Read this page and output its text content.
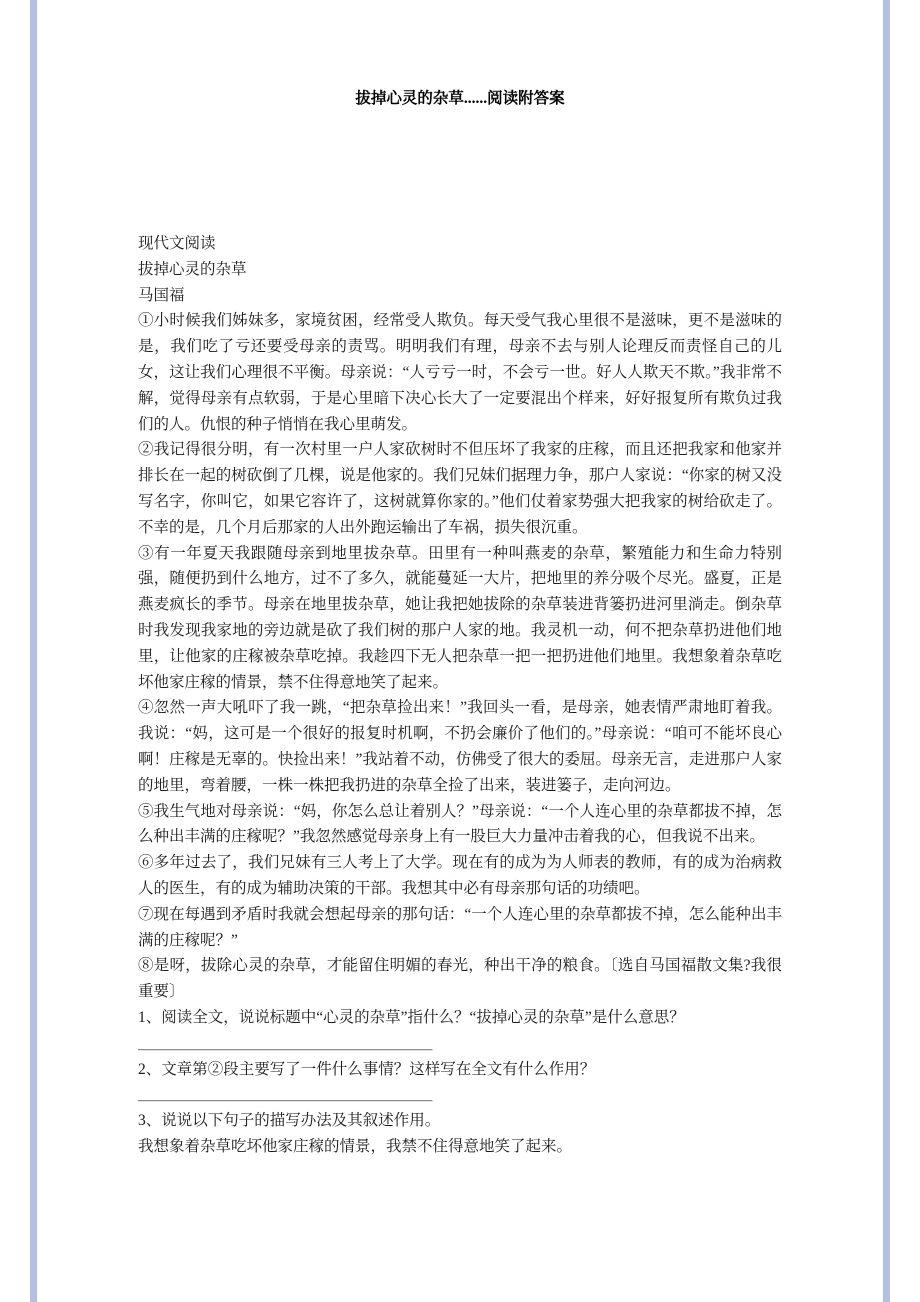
拔掉心灵的杂草......阅读附答案

现代文阅读

拔掉心灵的杂草

马国福

①小时候我们姊妹多，家境贫困，经常受人欺负。每天受气我心里很不是滋味，更不是滋味的是，我们吃了亏还要受母亲的责骂。明明我们有理，母亲不去与别人论理反而责怪自己的儿女，这让我们心理很不平衡。母亲说：“人亏亏一时，不会亏一世。好人人欺天不欺。”我非常不解，觉得母亲有点软弱，于是心里暗下决心长大了一定要混出个样来，好好报复所有欺负过我们的人。仇恨的种子悄悄在我心里萌发。

②我记得很分明，有一次村里一户人家砍树时不但压坏了我家的庄稼，而且还把我家和他家并排长在一起的树砍倒了几棵，说是他家的。我们兄妹们据理力争，那户人家说：“你家的树又没写名字，你叫它，如果它容许了，这树就算你家的。”他们仗着家势强大把我家的树给砍走了。不幸的是，几个月后那家的人出外跑运输出了车祸，损失很沉重。

③有一年夏天我跟随母亲到地里拔杂草。田里有一种叫燕麦的杂草，繁殖能力和生命力特别强，随便扔到什么地方，过不了多久，就能蔓延一大片，把地里的养分吸个尽光。盛夏，正是燕麦疯长的季节。母亲在地里拔杂草，她让我把她拔除的杂草装进背篓扔进河里淌走。倒杂草时我发现我家地的旁边就是砍了我们树的那户人家的地。我灵机一动，何不把杂草扔进他们地里，让他家的庄稼被杂草吃掉。我趁四下无人把杂草一把一把扔进他们地里。我想象着杂草吃坏他家庄稼的情景，禁不住得意地笑了起来。

④忽然一声大吼吓了我一跳，“把杂草捡出来！”我回头一看，是母亲，她表情严肃地盯着我。我说：“妈，这可是一个很好的报复时机啊，不扔会廉价了他们的。”母亲说：“咱可不能坏良心啊！庄稼是无辜的。快捡出来！”我站着不动，仿佛受了很大的委屈。母亲无言，走进那户人家的地里，弯着腰，一株一株把我扔进的杂草全捡了出来，装进篓子，走向河边。

⑤我生气地对母亲说：“妈，你怎么总让着别人？”母亲说：“一个人连心里的杂草都拔不掉，怎么种出丰满的庄稼呢？”我忽然感觉母亲身上有一股巨大力量冲击着我的心，但我说不出来。

⑥多年过去了，我们兄妹有三人考上了大学。现在有的成为为人师表的教师，有的成为治病救人的医生，有的成为辅助决策的干部。我想其中必有母亲那句话的功绩吧。

⑦现在每遇到矛盾时我就会想起母亲的那句话：“一个人连心里的杂草都拔不掉，怎么能种出丰满的庄稼呢？”

⑧是呀，拔除心灵的杂草，才能留住明媚的春光，种出干净的粮食。〔选自马国福散文集?我很重要〕

1、阅读全文，说说标题中“心灵的杂草”指什么？“拔掉心灵的杂草”是什么意思？

＿＿＿＿＿＿＿＿＿＿＿＿＿＿＿＿＿＿＿

2、文章第②段主要写了一件什么事情？这样写在全文有什么作用？

＿＿＿＿＿＿＿＿＿＿＿＿＿＿＿＿＿＿＿

3、说说以下句子的描写办法及其叙述作用。

我想象着杂草吃坏他家庄稼的情景，我禁不住得意地笑了起来。
